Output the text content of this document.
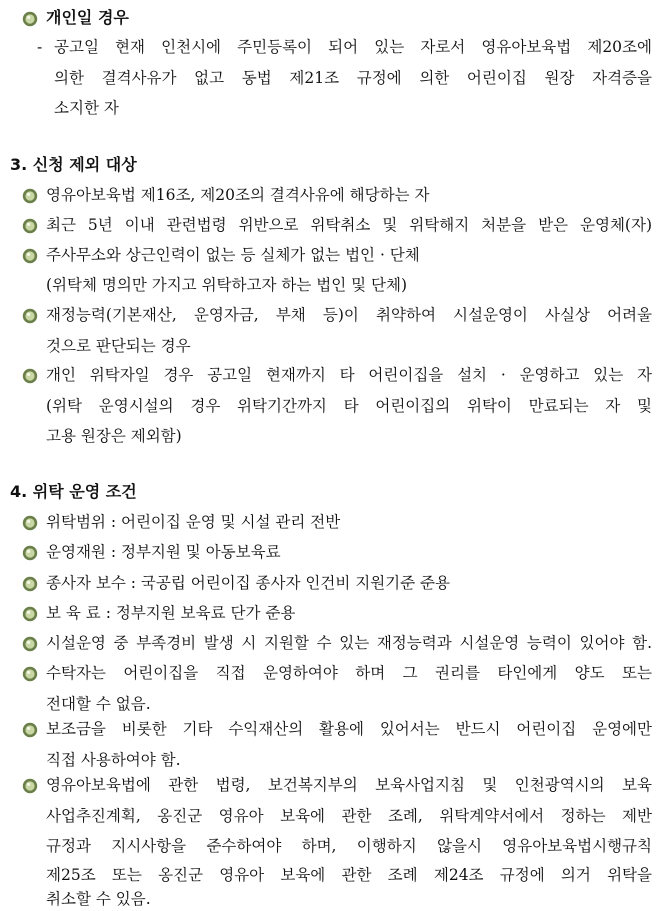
개인일 경우
- 공고일 현재 인천시에 주민등록이 되어 있는 자로서 영유아보육법 제20조에
의한 결격사유가 없고 동법 제21조 규정에 의한 어린이집 원장 자격증을
소지한 자
3. 신청 제외 대상
영유아보육법 제16조, 제20조의 결격사유에 해당하는 자
최근 5년 이내 관련법령 위반으로 위탁취소 및 위탁해지 처분을 받은 운영체(자)
주사무소와 상근인력이 없는 등 실체가 없는 법인 · 단체
(위탁체 명의만 가지고 위탁하고자 하는 법인 및 단체)
재정능력(기본재산, 운영자금, 부채 등)이 취약하여 시설운영이 사실상 어려울
것으로 판단되는 경우
개인 위탁자일 경우 공고일 현재까지 타 어린이집을 설치 · 운영하고 있는 자
(위탁 운영시설의 경우 위탁기간까지 타 어린이집의 위탁이 만료되는 자 및
고용 원장은 제외함)
4. 위탁 운영 조건
위탁범위 : 어린이집 운영 및 시설 관리 전반
운영재원 : 정부지원 및 아동보육료
종사자 보수 : 국공립 어린이집 종사자 인건비 지원기준 준용
보 육 료 : 정부지원 보육료 단가 준용
시설운영 중 부족경비 발생 시 지원할 수 있는 재정능력과 시설운영 능력이 있어야 함.
수탁자는 어린이집을 직접 운영하여야 하며 그 권리를 타인에게 양도 또는
전대할 수 없음.
보조금을 비롯한 기타 수익재산의 활용에 있어서는 반드시 어린이집 운영에만
직접 사용하여야 함.
영유아보육법에 관한 법령, 보건복지부의 보육사업지침 및 인천광역시의 보육
사업추진계획, 옹진군 영유아 보육에 관한 조례, 위탁계약서에서 정하는 제반
규정과 지시사항을 준수하여야 하며, 이행하지 않을시 영유아보육법시행규칙
제25조 또는 옹진군 영유아 보육에 관한 조례 제24조 규정에 의거 위탁을
취소할 수 있음.
